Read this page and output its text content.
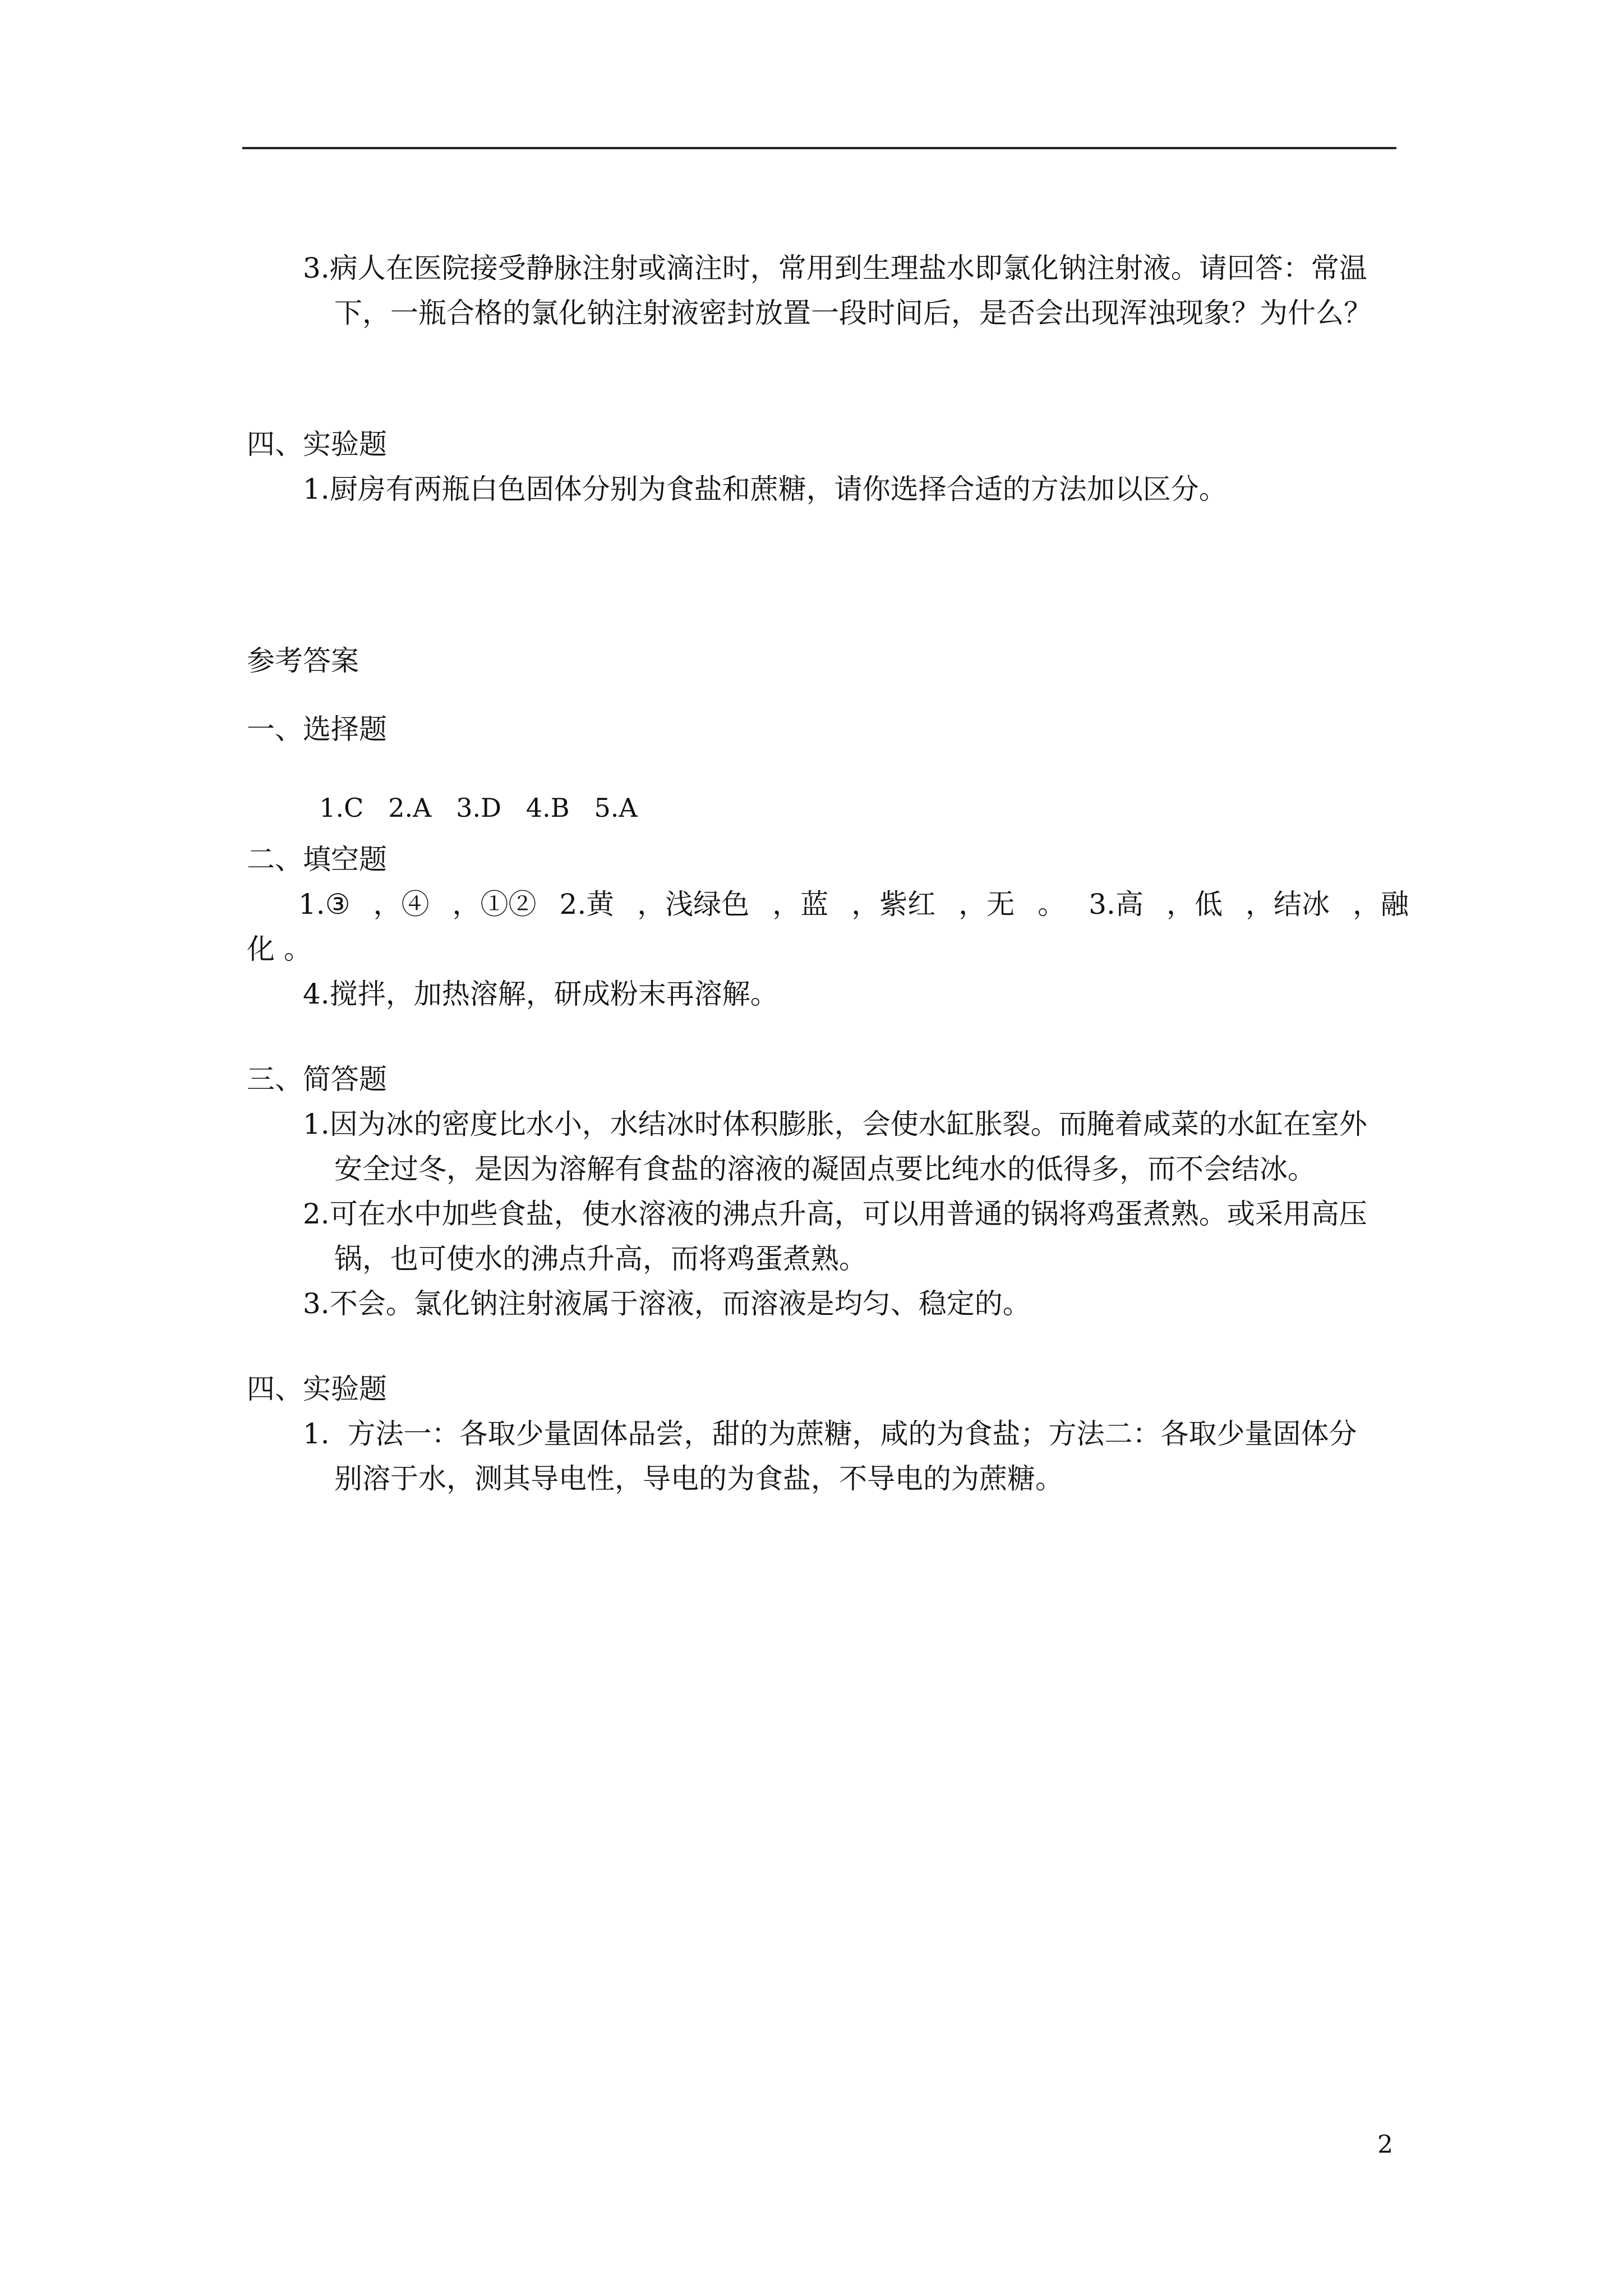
3.病人在医院接受静脉注射或滴注时，常用到生理盐水即氯化钠注射液。请回答：常温
下，一瓶合格的氯化钠注射液密封放置一段时间后，是否会出现浑浊现象？为什么？
四、实验题
1.厨房有两瓶白色固体分别为食盐和蔗糖，请你选择合适的方法加以区分。
参考答案
一、选择题

1.C 2.A 3.D 4.B 5.A

二、填空题
1.③ ，④ ，①② 2.黄 ，浅绿色 ，蓝 ，紫红 ，无 。 3.高 ，低 ，结冰 ，融
化 。
4.搅拌，加热溶解，研成粉末再溶解。
三、简答题
1.因为冰的密度比水小，水结冰时体积膨胀，会使水缸胀裂。而腌着咸菜的水缸在室外
安全过冬，是因为溶解有食盐的溶液的凝固点要比纯水的低得多，而不会结冰。
2.可在水中加些食盐，使水溶液的沸点升高，可以用普通的锅将鸡蛋煮熟。或采用高压
锅，也可使水的沸点升高，而将鸡蛋煮熟。
3.不会。氯化钠注射液属于溶液，而溶液是均匀、稳定的。
四、实验题
1.  方法一：各取少量固体品尝，甜的为蔗糖，咸的为食盐；方法二：各取少量固体分
别溶于水，测其导电性，导电的为食盐，不导电的为蔗糖。
2
